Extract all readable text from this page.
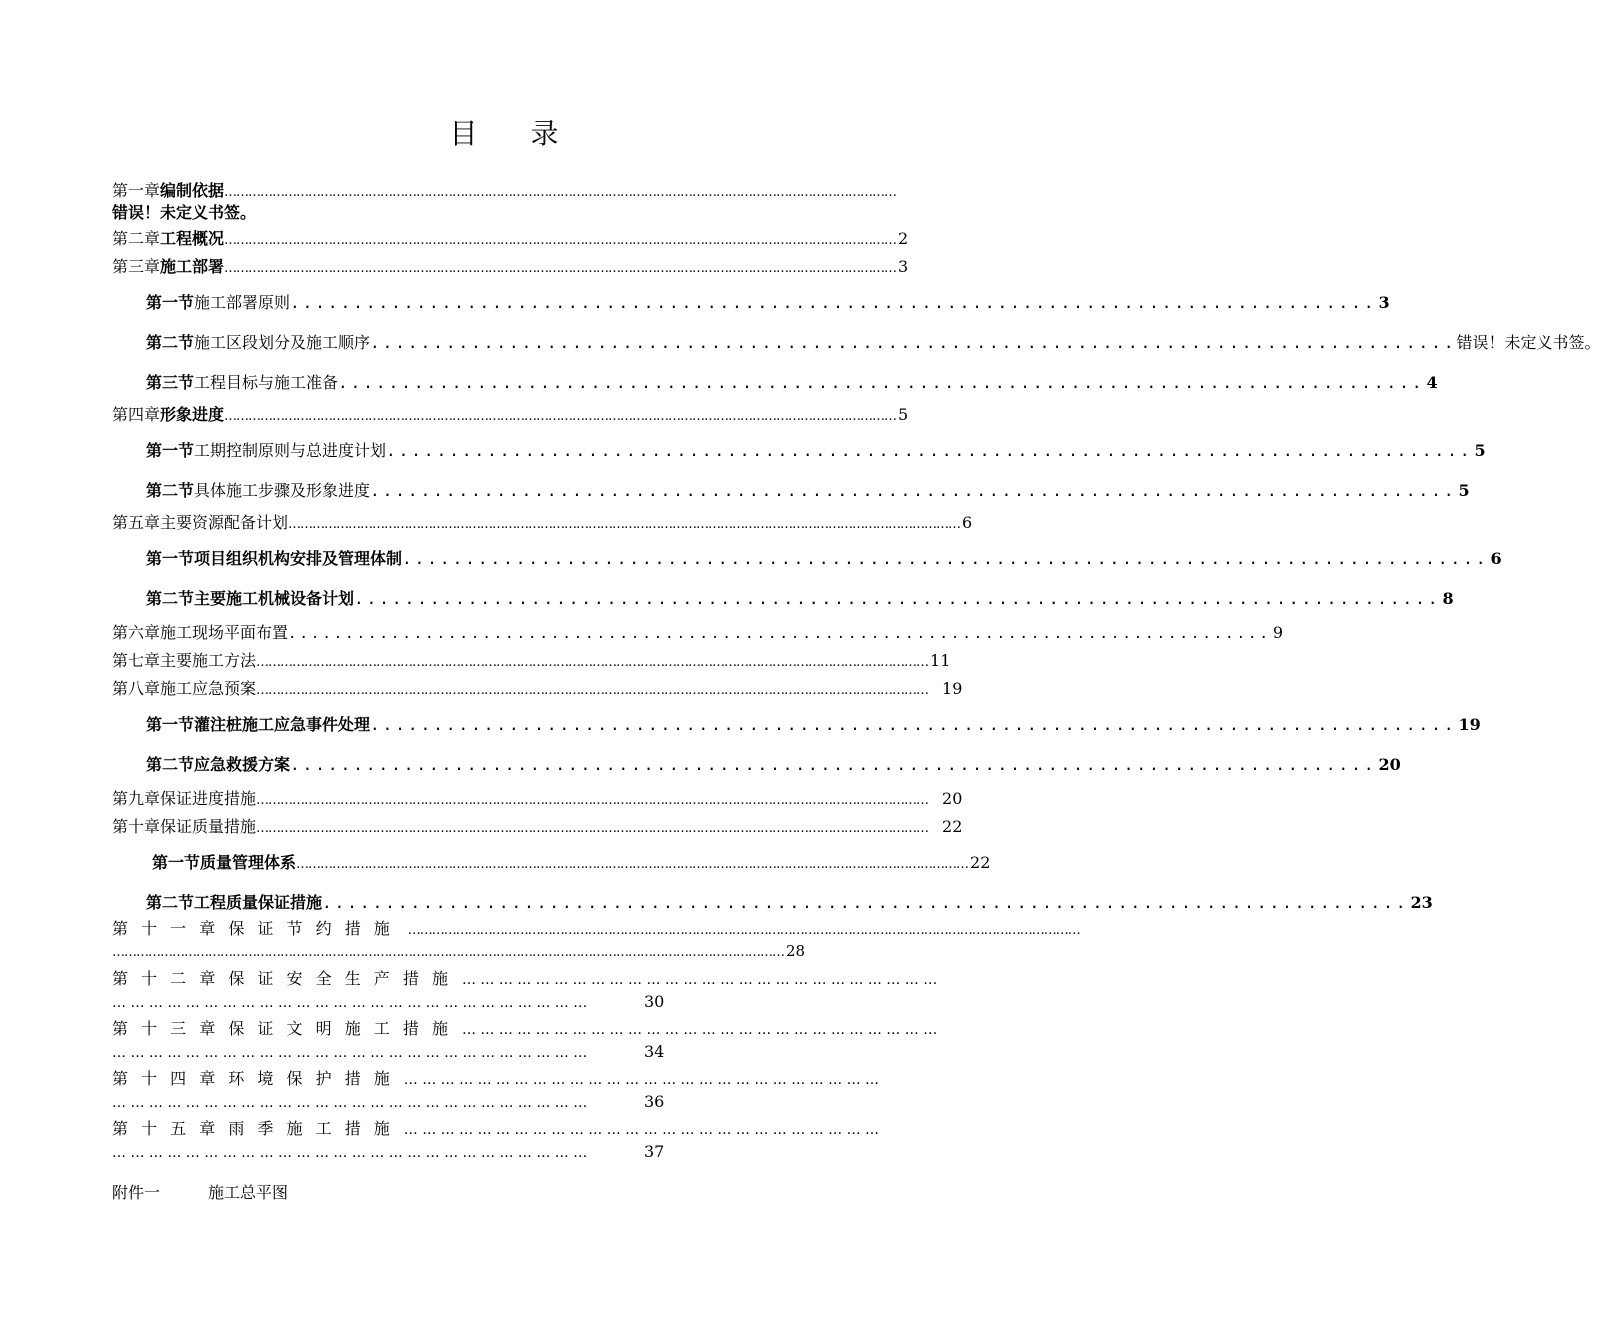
目 录
第一章 编制依据 ……………………………………………………………………………………………………………………………………………………
错误！未定义书签。
第二章 工程概况 …………………………………………………………………………………………………………………………………………………… 2
第三章 施工部署 …………………………………………………………………………………………………………………………………………………… 3
第一节 施工部署原则 ...................................................................................... 3
第二节 施工区段划分及施工顺序 ...................................................................................... 错误！未定义书签。
第三节 工程目标与施工准备 ...................................................................................... 4
第四章 形象进度 …………………………………………………………………………………………………………………………………………………… 5
第一节 工期控制原则与总进度计划 ...................................................................................... 5
第二节 具体施工步骤及形象进度 ...................................................................................... 5
第五章 主要资源配备计划 …………………………………………………………………………………………………………………………………………………… 6
第一节 项目组织机构安排及管理体制 ...................................................................................... 6
第二节 主要施工机械设备计划 ...................................................................................... 8
第六章 施工现场平面布置 ...................................................................................... 9
第七章 主要施工方法 …………………………………………………………………………………………………………………………………………………… 11
第八章 施工应急预案 …………………………………………………………………………………………………………………………………………………… 19
第一节 灌注桩施工应急事件处理 ...................................................................................... 19
第二节 应急救援方案 ...................................................................................... 20
第九章 保证进度措施 …………………………………………………………………………………………………………………………………………………… 20
第十章 保证质量措施 …………………………………………………………………………………………………………………………………………………… 22
第一节 质量管理体系 …………………………………………………………………………………………………………………………………………………… 22
第二节 工程质量保证措施 ...................................................................................... 23
第 十 一 章 保 证 节 约 措 施 ……………………………………………………………………………………………………………………………………………………
…………………………………………………………………………………………………………………………………………………… 28
第 十 二 章 保 证 安 全 生 产 措 施 … … … … … … … … … … … … … … … … … … … … … … … … … …
… … … … … … … … … … … … … … … … … … … … … … … … … …	30
第 十 三 章 保 证 文 明 施 工 措 施 … … … … … … … … … … … … … … … … … … … … … … … … … …
… … … … … … … … … … … … … … … … … … … … … … … … … …	34
第 十 四 章 环 境 保 护 措 施 … … … … … … … … … … … … … … … … … … … … … … … … … …
… … … … … … … … … … … … … … … … … … … … … … … … … …	36
第 十 五 章 雨 季 施 工 措 施 … … … … … … … … … … … … … … … … … … … … … … … … … …
… … … … … … … … … … … … … … … … … … … … … … … … … …	37
附件一	施工总平图
